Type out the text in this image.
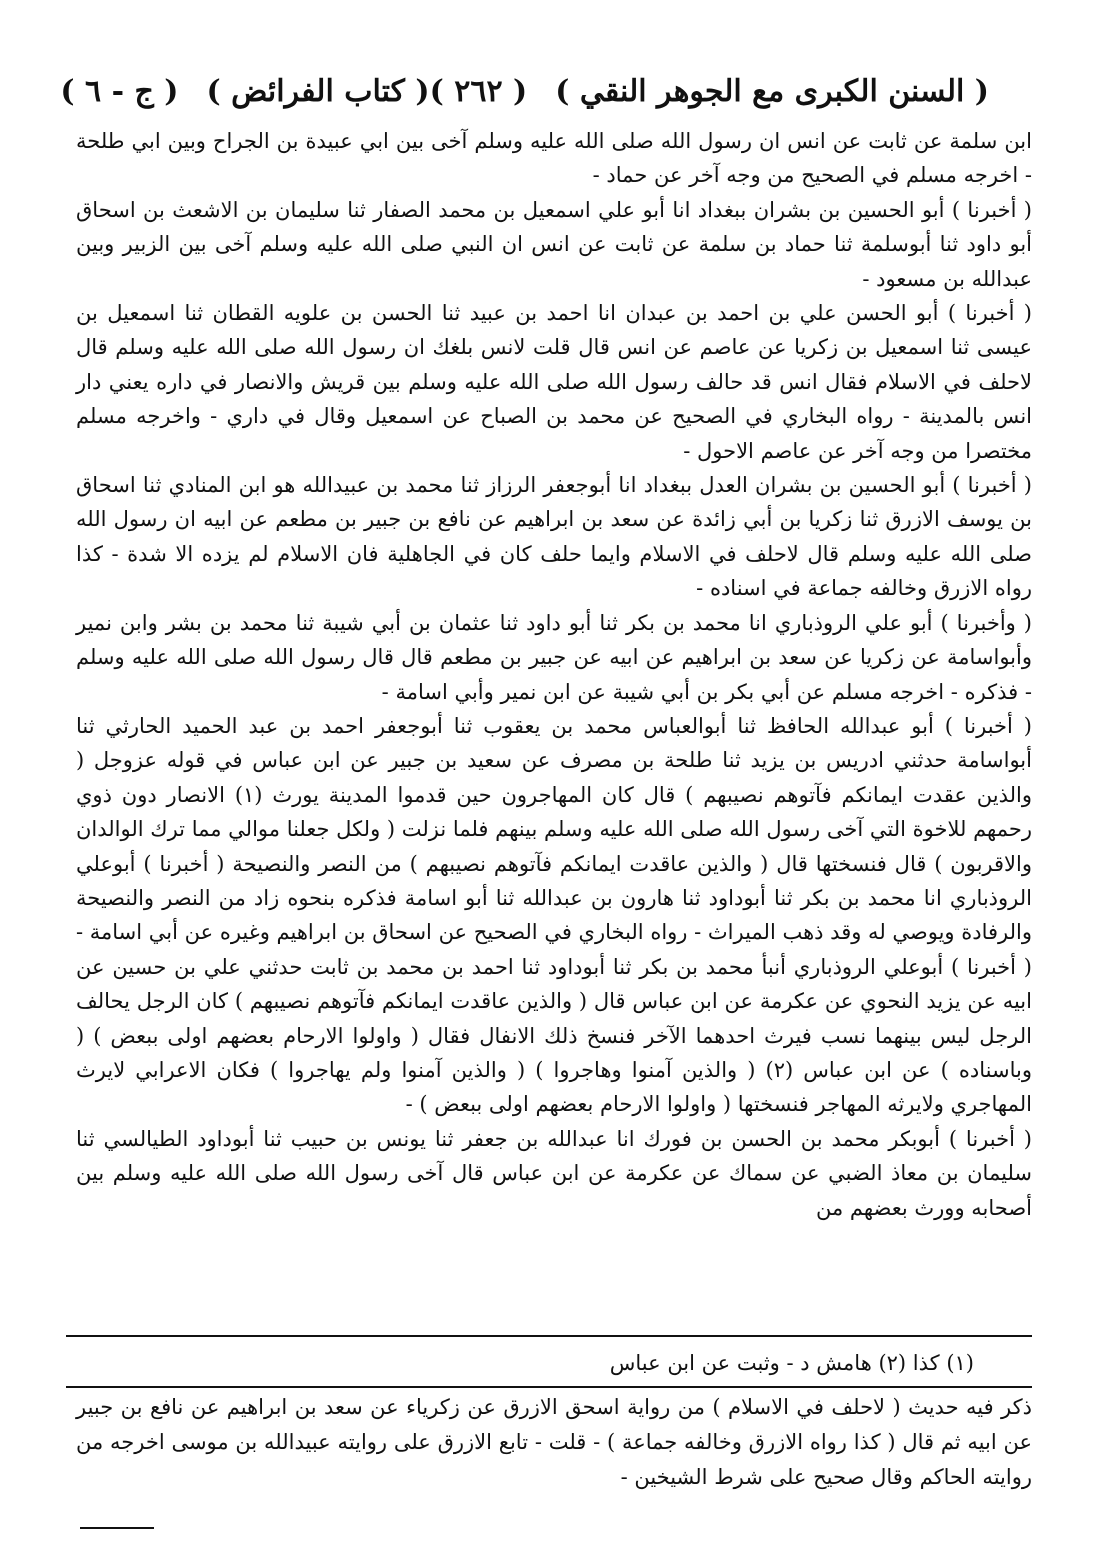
( السنن الكبرى مع الجوهر النقي )
( ٢٦٢ )
( كتاب الفرائض )
( ج - ٦ )

ابن سلمة عن ثابت عن انس ان رسول الله صلى الله عليه وسلم آخى بين ابي عبيدة بن الجراح وبين ابي طلحة - اخرجه مسلم في الصحيح من وجه آخر عن حماد -

( أخبرنا ) أبو الحسين بن بشران ببغداد انا أبو علي اسمعيل بن محمد الصفار ثنا سليمان بن الاشعث بن اسحاق أبو داود ثنا أبوسلمة ثنا حماد بن سلمة عن ثابت عن انس ان النبي صلى الله عليه وسلم آخى بين الزبير وبين عبدالله بن مسعود -

( أخبرنا ) أبو الحسن علي بن احمد بن عبدان انا احمد بن عبيد ثنا الحسن بن علويه القطان ثنا اسمعيل بن عيسى ثنا اسمعيل بن زكريا عن عاصم عن انس قال قلت لانس بلغك ان رسول الله صلى الله عليه وسلم قال لاحلف في الاسلام فقال انس قد حالف رسول الله صلى الله عليه وسلم بين قريش والانصار في داره يعني دار انس بالمدينة - رواه البخاري في الصحيح عن محمد بن الصباح عن اسمعيل وقال في داري - واخرجه مسلم مختصرا من وجه آخر عن عاصم الاحول -

( أخبرنا ) أبو الحسين بن بشران العدل ببغداد انا أبوجعفر الرزاز ثنا محمد بن عبيدالله هو ابن المنادي ثنا اسحاق بن يوسف الازرق ثنا زكريا بن أبي زائدة عن سعد بن ابراهيم عن نافع بن جبير بن مطعم عن ابيه ان رسول الله صلى الله عليه وسلم قال لاحلف في الاسلام وايما حلف كان في الجاهلية فان الاسلام لم يزده الا شدة - كذا رواه الازرق وخالفه جماعة في اسناده -

( وأخبرنا ) أبو علي الروذباري انا محمد بن بكر ثنا أبو داود ثنا عثمان بن أبي شيبة ثنا محمد بن بشر وابن نمير وأبواسامة عن زكريا عن سعد بن ابراهيم عن ابيه عن جبير بن مطعم قال قال رسول الله صلى الله عليه وسلم - فذكره - اخرجه مسلم عن أبي بكر بن أبي شيبة عن ابن نمير وأبي اسامة -

( أخبرنا ) أبو عبدالله الحافظ ثنا أبوالعباس محمد بن يعقوب ثنا أبوجعفر احمد بن عبد الحميد الحارثي ثنا أبواسامة حدثني ادريس بن يزيد ثنا طلحة بن مصرف عن سعيد بن جبير عن ابن عباس في قوله عزوجل ( والذين عقدت ايمانكم فآتوهم نصيبهم ) قال كان المهاجرون حين قدموا المدينة يورث (١) الانصار دون ذوي رحمهم للاخوة التي آخى رسول الله صلى الله عليه وسلم بينهم فلما نزلت ( ولكل جعلنا موالي مما ترك الوالدان والاقربون ) قال فنسختها قال ( والذين عاقدت ايمانكم فآتوهم نصيبهم ) من النصر والنصيحة ( أخبرنا ) أبوعلي الروذباري انا محمد بن بكر ثنا أبوداود ثنا هارون بن عبدالله ثنا أبو اسامة فذكره بنحوه زاد من النصر والنصيحة والرفادة ويوصي له وقد ذهب الميراث - رواه البخاري في الصحيح عن اسحاق بن ابراهيم وغيره عن أبي اسامة -

( أخبرنا ) أبوعلي الروذباري أنبأ محمد بن بكر ثنا أبوداود ثنا احمد بن محمد بن ثابت حدثني علي بن حسين عن ابيه عن يزيد النحوي عن عكرمة عن ابن عباس قال ( والذين عاقدت ايمانكم فآتوهم نصيبهم ) كان الرجل يحالف الرجل ليس بينهما نسب فيرث احدهما الآخر فنسخ ذلك الانفال فقال ( واولوا الارحام بعضهم اولى ببعض ) ( وباسناده ) عن ابن عباس (٢) ( والذين آمنوا وهاجروا ) ( والذين آمنوا ولم يهاجروا ) فكان الاعرابي لايرث المهاجري ولايرثه المهاجر فنسختها ( واولوا الارحام بعضهم اولى ببعض ) -

( أخبرنا ) أبوبكر محمد بن الحسن بن فورك انا عبدالله بن جعفر ثنا يونس بن حبيب ثنا أبوداود الطيالسي ثنا سليمان بن معاذ الضبي عن سماك عن عكرمة عن ابن عباس قال آخى رسول الله صلى الله عليه وسلم بين أصحابه وورث بعضهم من

(١) كذا (٢) هامش د - وثبت عن ابن عباس

ذكر فيه حديث ( لاحلف في الاسلام ) من رواية اسحق الازرق عن زكرياء عن سعد بن ابراهيم عن نافع بن جبير عن ابيه ثم قال ( كذا رواه الازرق وخالفه جماعة ) - قلت - تابع الازرق على روايته عبيدالله بن موسى اخرجه من روايته الحاكم وقال صحيح على شرط الشيخين -
